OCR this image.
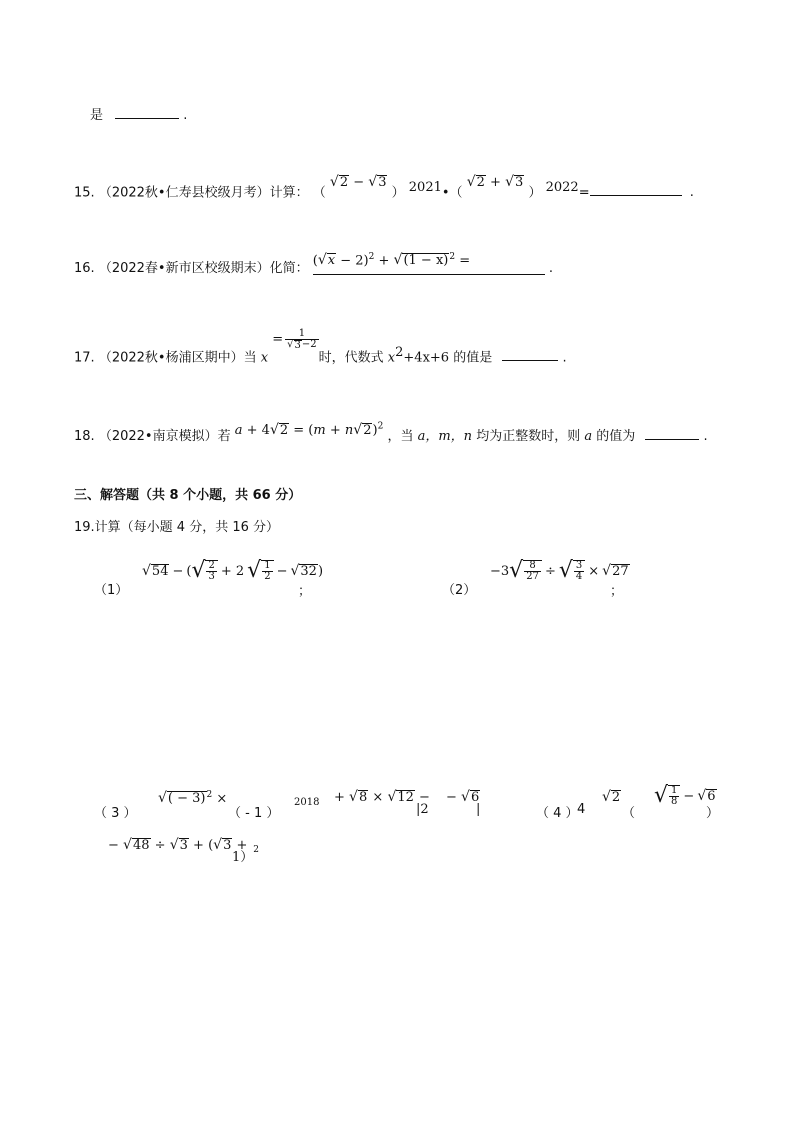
是	.
15. （2022秋•仁寿县校级月考）计算： （
√ 2 − √ 3
） $^{2021}$•（
√ 2 + √ 3
） $^{2022}$=	.
16. （2022春•新市区校级期末）化简： ( √ x − 2)$^2$ + √ (1 − x) $^2$ = .
17. （2022秋•杨浦区期中）当 x
= $\frac{1}{√ 3 -2}$
时，代数式 $x^2+4x+6$ 的值是	.
18. （2022•南京模拟）若 a + 4 √ 2 = (m + n √ 2 )$^2$ ，当 a，m，n 均为正整数时，则 a 的值为	.
三、解答题（共 8 个小题，共 66 分）
19.计算（每小题 4 分，共 16 分）
（1）
√ 54 − ( √ $\frac{2}{3} + 2$ √ $\frac{1}{2}$ − √ 32 )
；	（2）
−3 √ $\frac{8}{27}$ ÷ √ $\frac{3}{4}$ × √ 27
；
（ 3 ）
√ ( − 3) $^2$ ×
（ - 1 ）
2018 + √ 8 × √ 12 −
|2
− √ 6
|	（ 4 ）
4
√ 2
（
√ $\frac{1}{8}$ − √ 6
）
− √ 48 ÷ √ 3 + ( √ 3 +
1）$^2$
